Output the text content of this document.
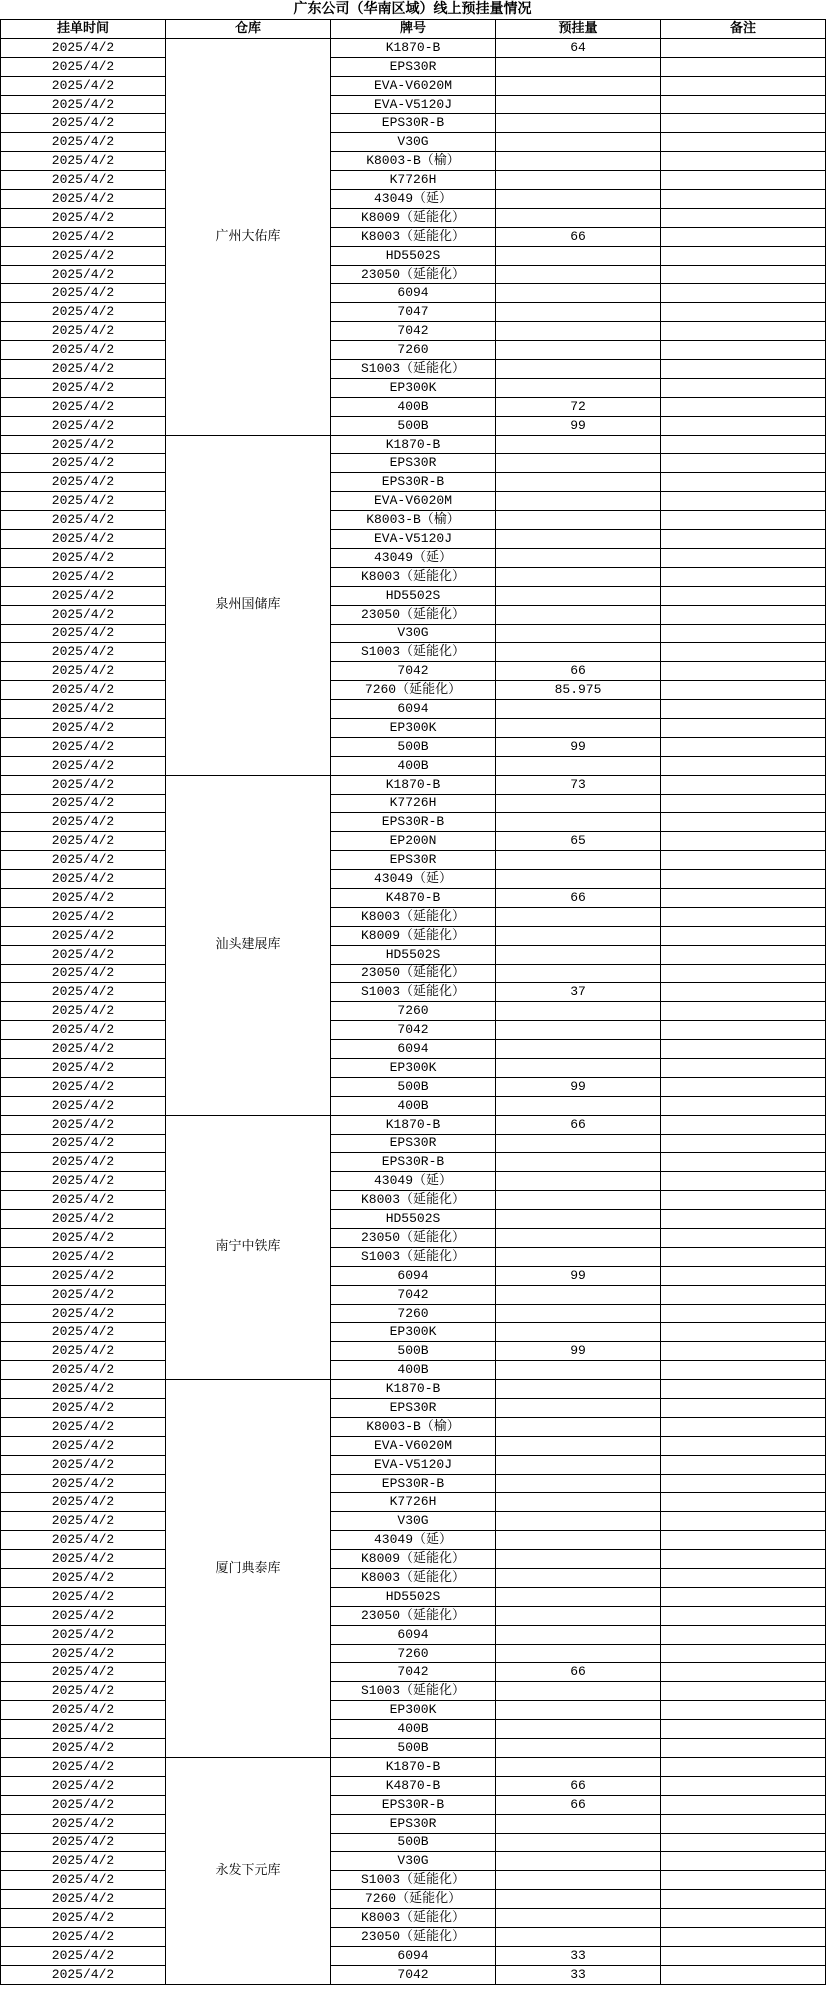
广东公司（华南区域）线上预挂量情况
挂单时间	仓库	牌号	预挂量	备注
2025/4/2	广州大佑库	K1870-B	64	
2025/4/2		EPS30R		
2025/4/2		EVA-V6020M		
2025/4/2		EVA-V5120J		
2025/4/2		EPS30R-B		
2025/4/2		V30G		
2025/4/2		K8003-B（榆）		
2025/4/2		K7726H		
2025/4/2		43049（延）		
2025/4/2		K8009（延能化）		
2025/4/2		K8003（延能化）	66	
2025/4/2		HD5502S		
2025/4/2		23050（延能化）		
2025/4/2		6094		
2025/4/2		7047		
2025/4/2		7042		
2025/4/2		7260		
2025/4/2		S1003（延能化）		
2025/4/2		EP300K		
2025/4/2		400B	72	
2025/4/2		500B	99	
2025/4/2	泉州国储库	K1870-B		
2025/4/2		EPS30R		
2025/4/2		EPS30R-B		
2025/4/2		EVA-V6020M		
2025/4/2		K8003-B（榆）		
2025/4/2		EVA-V5120J		
2025/4/2		43049（延）		
2025/4/2		K8003（延能化）		
2025/4/2		HD5502S		
2025/4/2		23050（延能化）		
2025/4/2		V30G		
2025/4/2		S1003（延能化）		
2025/4/2		7042	66	
2025/4/2		7260（延能化）	85.975	
2025/4/2		6094		
2025/4/2		EP300K		
2025/4/2		500B	99	
2025/4/2		400B		
2025/4/2	汕头建展库	K1870-B	73	
2025/4/2		K7726H		
2025/4/2		EPS30R-B		
2025/4/2		EP200N	65	
2025/4/2		EPS30R		
2025/4/2		43049（延）		
2025/4/2		K4870-B	66	
2025/4/2		K8003（延能化）		
2025/4/2		K8009（延能化）		
2025/4/2		HD5502S		
2025/4/2		23050（延能化）		
2025/4/2		S1003（延能化）	37	
2025/4/2		7260		
2025/4/2		7042		
2025/4/2		6094		
2025/4/2		EP300K		
2025/4/2		500B	99	
2025/4/2		400B		
2025/4/2	南宁中铁库	K1870-B	66	
2025/4/2		EPS30R		
2025/4/2		EPS30R-B		
2025/4/2		43049（延）		
2025/4/2		K8003（延能化）		
2025/4/2		HD5502S		
2025/4/2		23050（延能化）		
2025/4/2		S1003（延能化）		
2025/4/2		6094	99	
2025/4/2		7042		
2025/4/2		7260		
2025/4/2		EP300K		
2025/4/2		500B	99	
2025/4/2		400B		
2025/4/2	厦门典泰库	K1870-B		
2025/4/2		EPS30R		
2025/4/2		K8003-B（榆）		
2025/4/2		EVA-V6020M		
2025/4/2		EVA-V5120J		
2025/4/2		EPS30R-B		
2025/4/2		K7726H		
2025/4/2		V30G		
2025/4/2		43049（延）		
2025/4/2		K8009（延能化）		
2025/4/2		K8003（延能化）		
2025/4/2		HD5502S		
2025/4/2		23050（延能化）		
2025/4/2		6094		
2025/4/2		7260		
2025/4/2		7042	66	
2025/4/2		S1003（延能化）		
2025/4/2		EP300K		
2025/4/2		400B		
2025/4/2		500B		
2025/4/2	永发下元库	K1870-B		
2025/4/2		K4870-B	66	
2025/4/2		EPS30R-B	66	
2025/4/2		EPS30R		
2025/4/2		500B		
2025/4/2		V30G		
2025/4/2		S1003（延能化）		
2025/4/2		7260（延能化）		
2025/4/2		K8003（延能化）		
2025/4/2		23050（延能化）		
2025/4/2		6094	33	
2025/4/2		7042	33	
